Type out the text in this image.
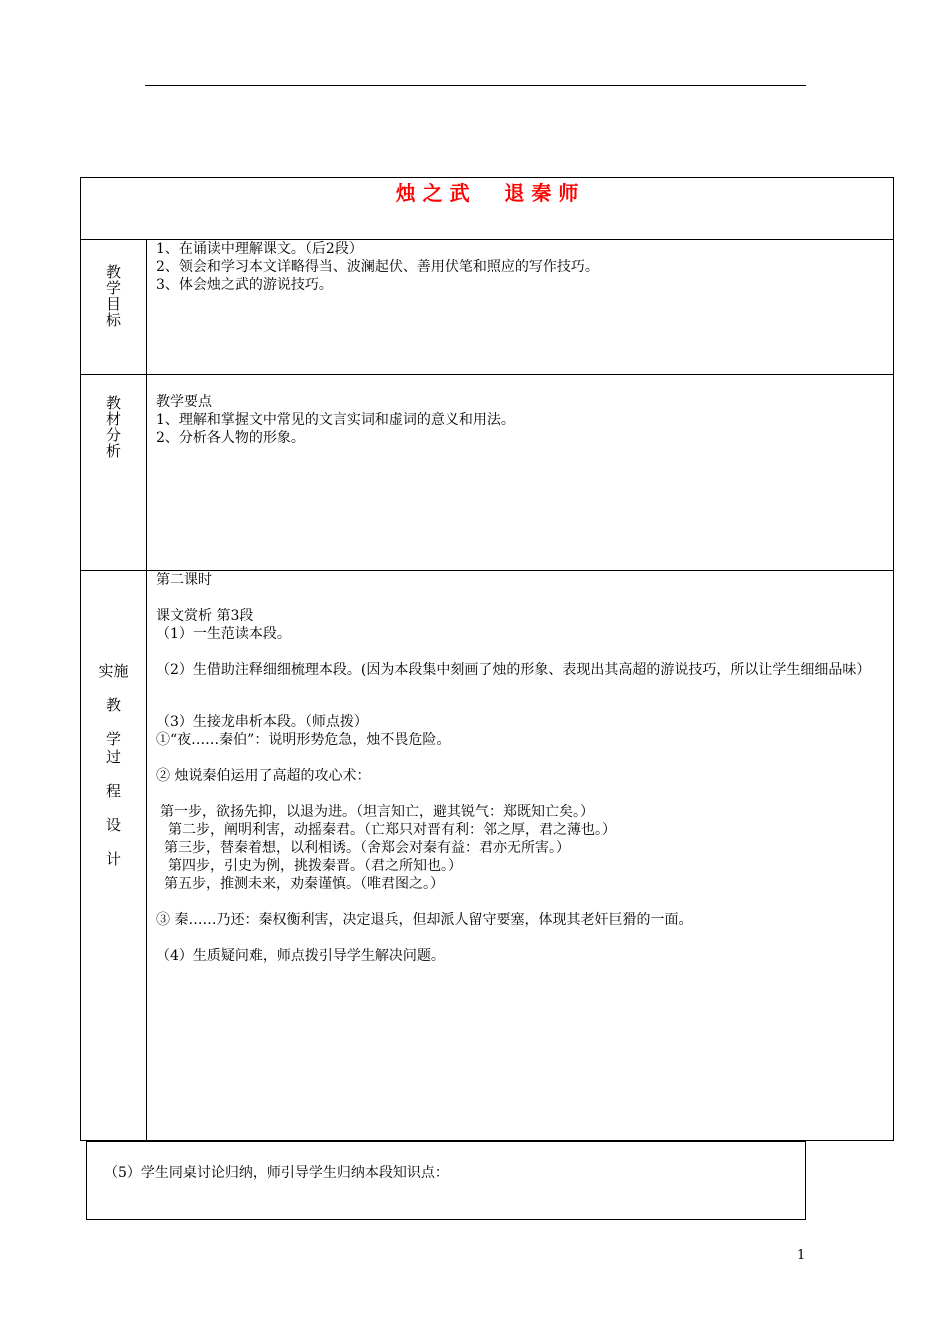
烛 之 武     退 秦 师
教
学
目
标
1、在诵读中理解课文。（后2段）
2、领会和学习本文详略得当、波澜起伏、善用伏笔和照应的写作技巧。
3、体会烛之武的游说技巧。
教
材
分
析
教学要点
1、理解和掌握文中常见的文言实词和虚词的意义和用法。
2、分析各人物的形象。
实施
教
学
过
程
设
计
第二课时
课文赏析 第3段
（1）一生范读本段。
（2）生借助注释细细梳理本段。(因为本段集中刻画了烛的形象、表现出其高超的游说技巧，所以让学生细细品味）
（3）生接龙串析本段。（师点拨）
①“夜……秦伯”：说明形势危急，烛不畏危险。
② 烛说秦伯运用了高超的攻心术：
第一步，欲扬先抑，以退为进。（坦言知亡，避其锐气：郑既知亡矣。）
第二步，阐明利害，动摇秦君。（亡郑只对晋有利：邻之厚，君之薄也。）
第三步，替秦着想，以利相诱。（舍郑会对秦有益：君亦无所害。）
第四步，引史为例，挑拨秦晋。（君之所知也。）
第五步，推测未来，劝秦谨慎。（唯君图之。）
③ 秦……乃还：秦权衡利害，决定退兵，但却派人留守要塞，体现其老奸巨猾的一面。
（4）生质疑问难，师点拨引导学生解决问题。
（5）学生同桌讨论归纳，师引导学生归纳本段知识点：
1
